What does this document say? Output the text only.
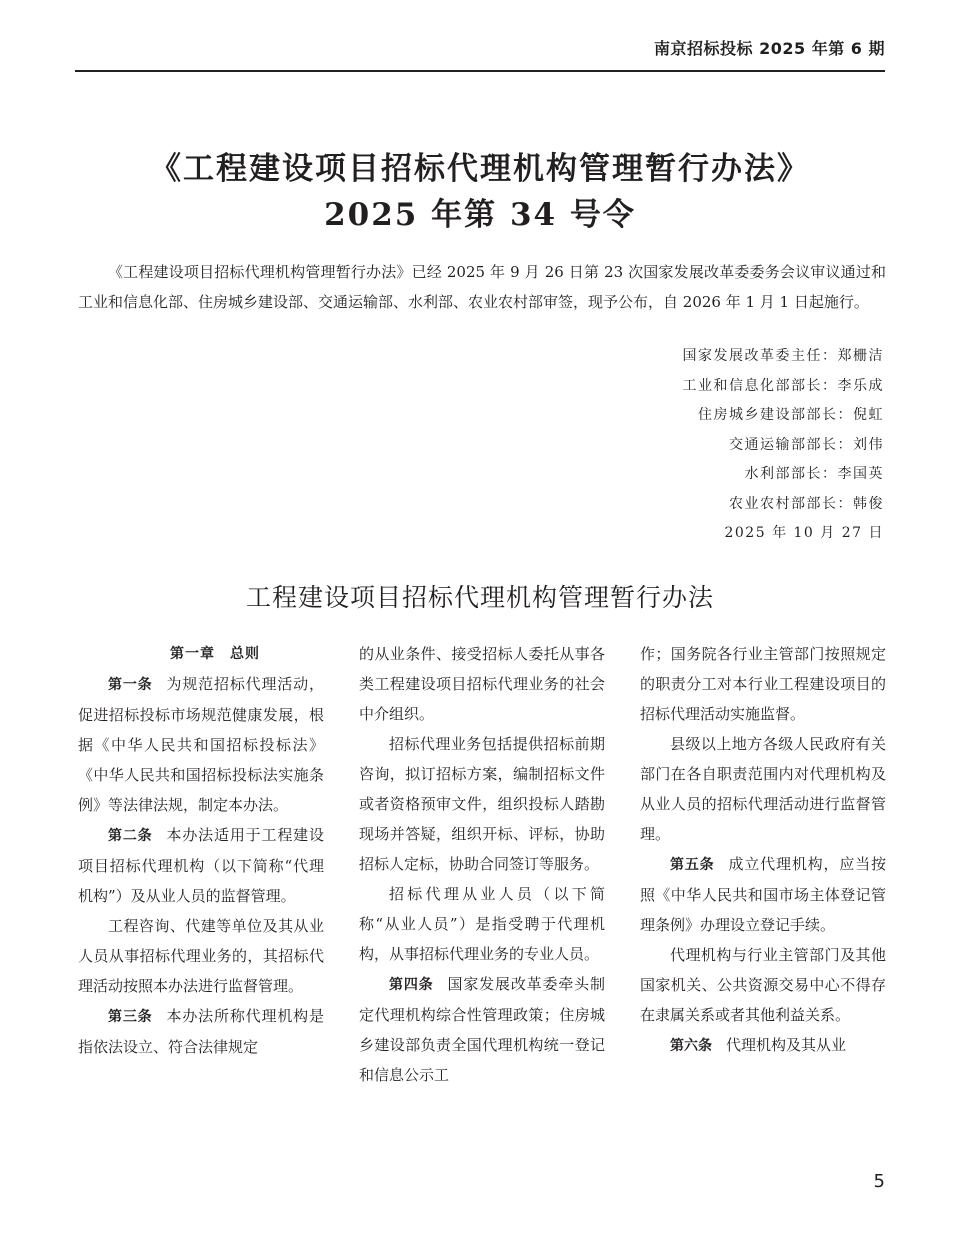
南京招标投标 2025 年第 6 期
《工程建设项目招标代理机构管理暂行办法》
2025 年第 34 号令
《工程建设项目招标代理机构管理暂行办法》已经 2025 年 9 月 26 日第 23 次国家发展改革委委务会议审议通过和工业和信息化部、住房城乡建设部、交通运输部、水利部、农业农村部审签，现予公布，自 2026 年 1 月 1 日起施行。
国家发展改革委主任：郑栅洁
工业和信息化部部长：李乐成
住房城乡建设部部长：倪虹
交通运输部部长：刘伟
水利部部长：李国英
农业农村部部长：韩俊
2025 年 10 月 27 日
工程建设项目招标代理机构管理暂行办法

第一章　总则

第一条 为规范招标代理活动，促进招标投标市场规范健康发展，根据《中华人民共和国招标投标法》《中华人民共和国招标投标法实施条例》等法律法规，制定本办法。

第二条 本办法适用于工程建设项目招标代理机构（以下简称“代理机构”）及从业人员的监督管理。

工程咨询、代建等单位及其从业人员从事招标代理业务的，其招标代理活动按照本办法进行监督管理。

第三条 本办法所称代理机构是指依法设立、符合法律规定

的从业条件、接受招标人委托从事各类工程建设项目招标代理业务的社会中介组织。

招标代理业务包括提供招标前期咨询，拟订招标方案，编制招标文件或者资格预审文件，组织投标人踏勘现场并答疑，组织开标、评标，协助招标人定标，协助合同签订等服务。

招标代理从业人员（以下简称“从业人员”）是指受聘于代理机构，从事招标代理业务的专业人员。

第四条 国家发展改革委牵头制定代理机构综合性管理政策；住房城乡建设部负责全国代理机构统一登记和信息公示工

作；国务院各行业主管部门按照规定的职责分工对本行业工程建设项目的招标代理活动实施监督。

县级以上地方各级人民政府有关部门在各自职责范围内对代理机构及从业人员的招标代理活动进行监督管理。

第五条 成立代理机构，应当按照《中华人民共和国市场主体登记管理条例》办理设立登记手续。

代理机构与行业主管部门及其他国家机关、公共资源交易中心不得存在隶属关系或者其他利益关系。

第六条 代理机构及其从业

5
